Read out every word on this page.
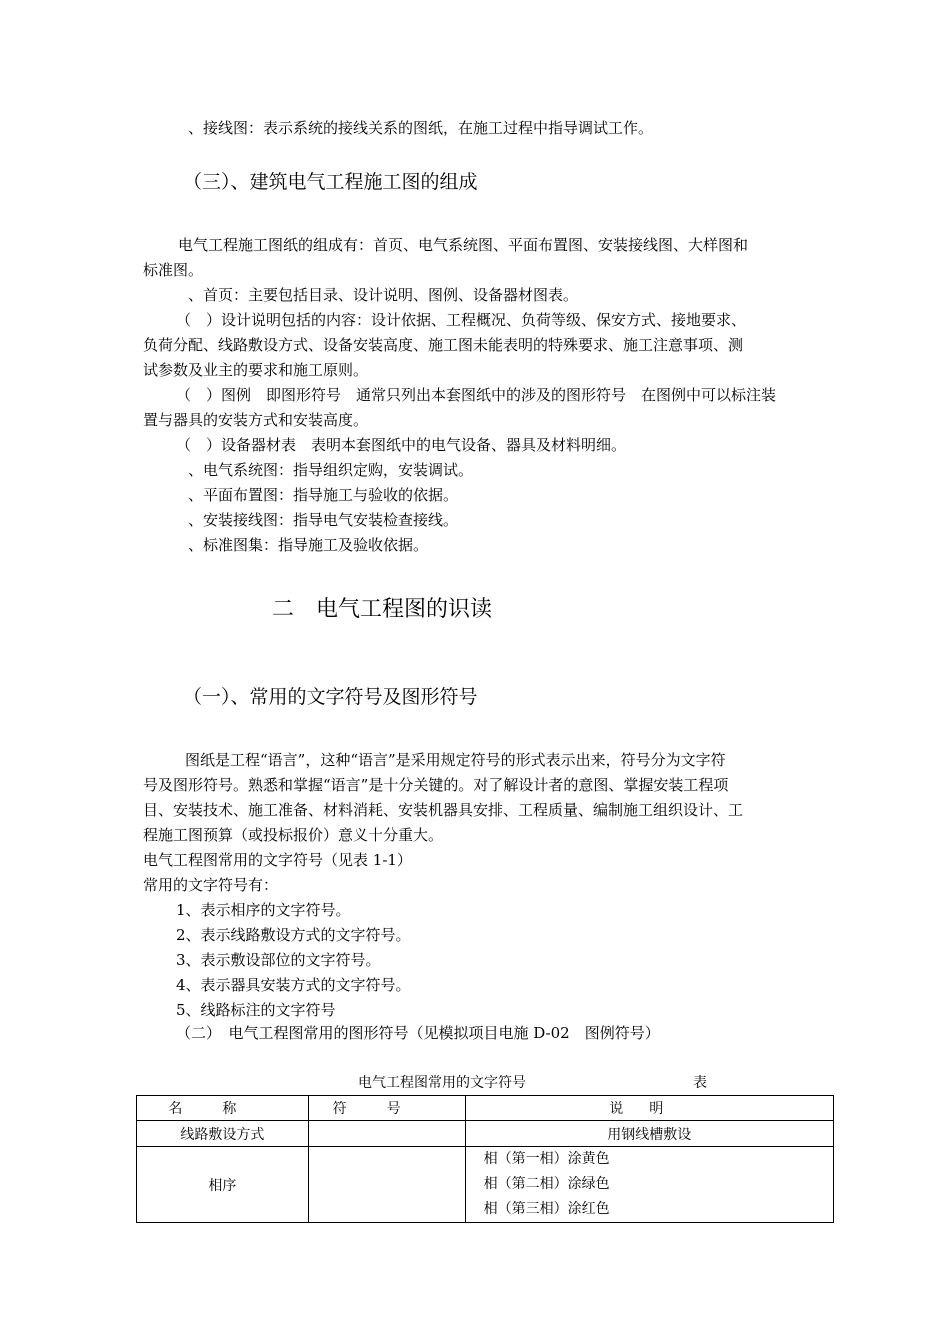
、接线图：表示系统的接线关系的图纸，在施工过程中指导调试工作。
（三）、建筑电气工程施工图的组成
电气工程施工图纸的组成有：首页、电气系统图、平面布置图、安装接线图、大样图和
标准图。
、首页：主要包括目录、设计说明、图例、设备器材图表。
（　）设计说明包括的内容：设计依据、工程概况、负荷等级、保安方式、接地要求、
负荷分配、线路敷设方式、设备安装高度、施工图未能表明的特殊要求、施工注意事项、测
试参数及业主的要求和施工原则。
（　）图例　即图形符号　通常只列出本套图纸中的涉及的图形符号　在图例中可以标注装
置与器具的安装方式和安装高度。
（　）设备器材表　表明本套图纸中的电气设备、器具及材料明细。
、电气系统图：指导组织定购，安装调试。
、平面布置图：指导施工与验收的依据。
、安装接线图：指导电气安装检查接线。
、标准图集：指导施工及验收依据。
二　电气工程图的识读
（一）、常用的文字符号及图形符号
图纸是工程“语言”，这种“语言”是采用规定符号的形式表示出来，符号分为文字符
号及图形符号。熟悉和掌握“语言”是十分关键的。对了解设计者的意图、掌握安装工程项
目、安装技术、施工准备、材料消耗、安装机器具安排、工程质量、编制施工组织设计、工
程施工图预算（或投标报价）意义十分重大。
电气工程图常用的文字符号（见表 1-1）
常用的文字符号有：
1、表示相序的文字符号。
2、表示线路敷设方式的文字符号。
3、表示敷设部位的文字符号。
4、表示器具安装方式的文字符号。
5、线路标注的文字符号
（二）　电气工程图常用的图形符号（见模拟项目电施 D-02　图例符号）
电气工程图常用的文字符号	表
名称	符号	说明
线路敷设方式		用钢线槽敷设
相序		相（第一相）涂黄色
相（第二相）涂绿色
相（第三相）涂红色
